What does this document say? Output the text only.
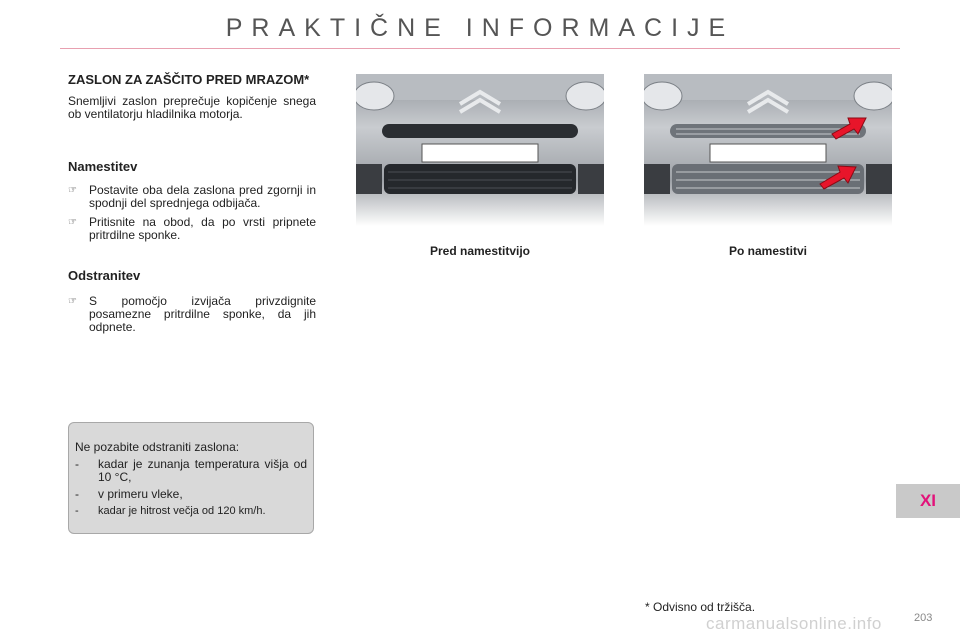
PRAKTIČNE INFORMACIJE
ZASLON ZA ZAŠČITO PRED MRAZOM*

Snemljivi zaslon preprečuje kopičenje snega ob ventilatorju hladilnika motorja.

Namestitev
☞ Postavite oba dela zaslona pred zgornji in spodnji del sprednjega odbijača.
☞ Pritisnite na obod, da po vrsti pripnete pritrdilne sponke.
Odstranitev
☞ S pomočjo izvijača privzdignite posamezne pritrdilne sponke, da jih odpnete.
Ne pozabite odstraniti zaslona:
- kadar je zunanja temperatura višja od 10 °C,
- v primeru vleke,
- kadar je hitrost večja od 120 km/h.
Pred namestitvijo	Po namestitvi
* Odvisno od tržišča.
XI
carmanualsonline.info	203
